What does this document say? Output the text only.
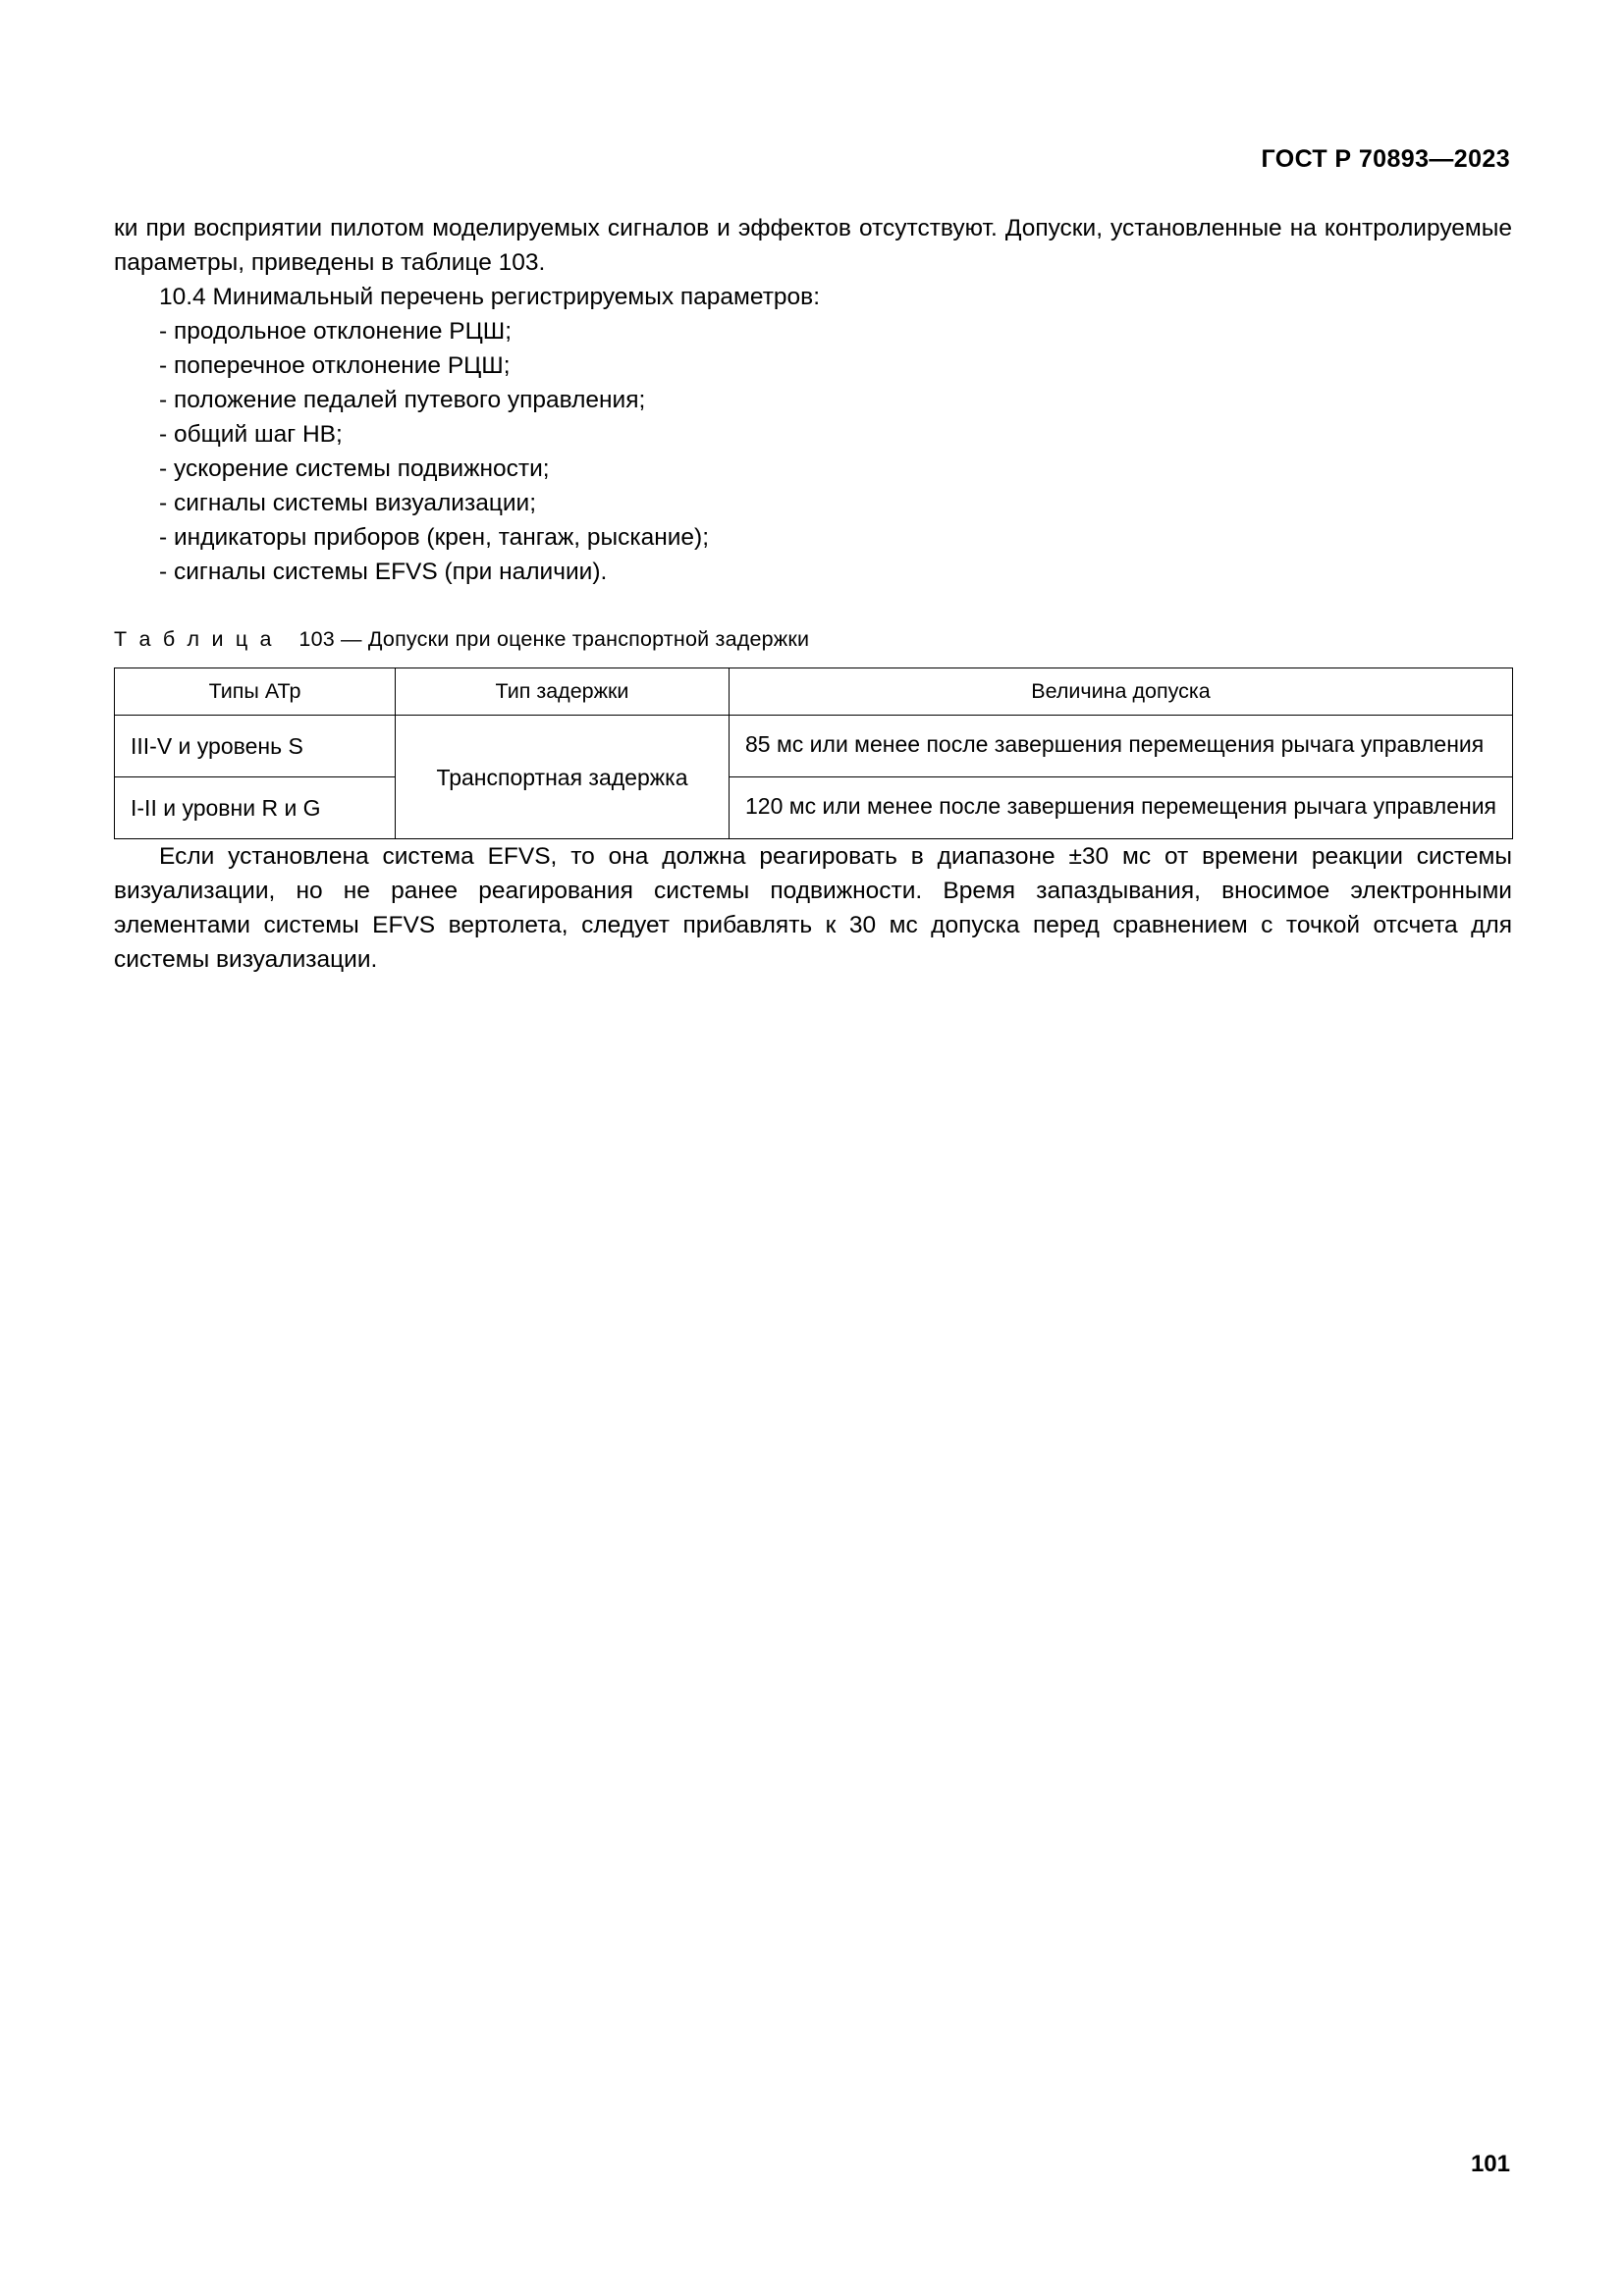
ГОСТ Р 70893—2023

ки при восприятии пилотом моделируемых сигналов и эффектов отсутствуют. Допуски, установленные на контролируемые параметры, приведены в таблице 103.

10.4 Минимальный перечень регистрируемых параметров:

- продольное отклонение РЦШ;
- поперечное отклонение РЦШ;
- положение педалей путевого управления;
- общий шаг НВ;
- ускорение системы подвижности;
- сигналы системы визуализации;
- индикаторы приборов (крен, тангаж, рыскание);
- сигналы системы EFVS (при наличии).
Т а б л и ц а 103 — Допуски при оценке транспортной задержки
Типы АТр	Тип задержки	Величина допуска
III-V и уровень S	Транспортная задержка	85 мс или менее после завершения перемещения рычага управления
I-II и уровни R и G		120 мс или менее после завершения перемещения рычага управления

Если установлена система EFVS, то она должна реагировать в диапазоне ±30 мс от времени реакции системы визуализации, но не ранее реагирования системы подвижности. Время запаздывания, вносимое электронными элементами системы EFVS вертолета, следует прибавлять к 30 мс допуска перед сравнением с точкой отсчета для системы визуализации.

101
